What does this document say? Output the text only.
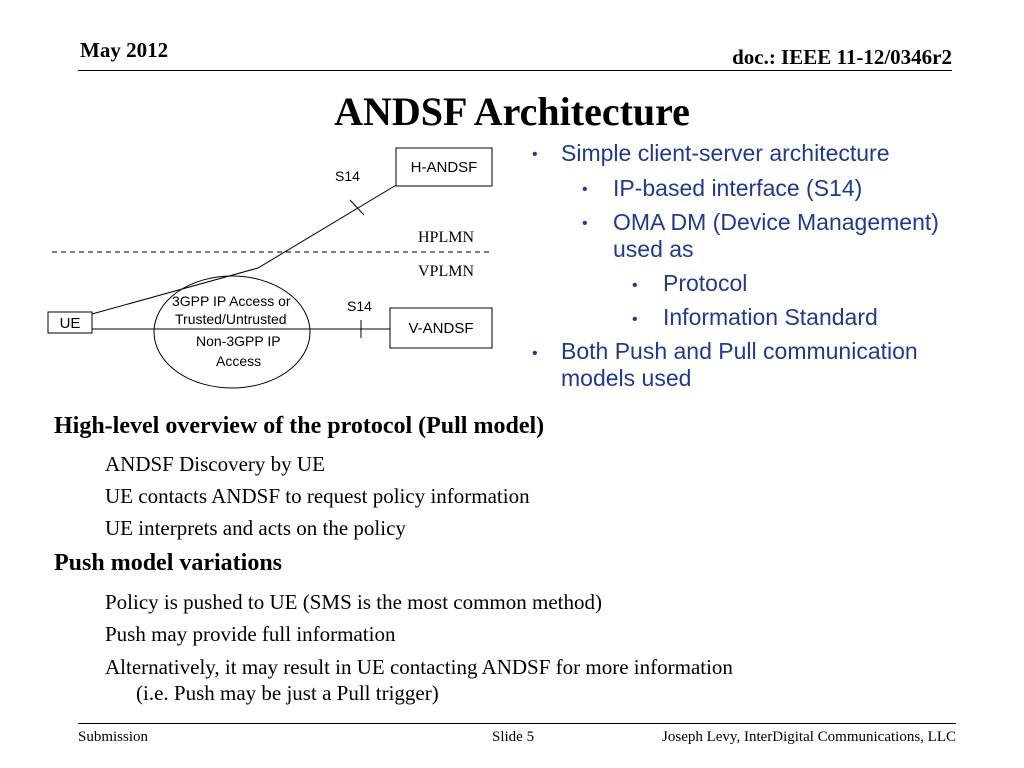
May 2012	doc.: IEEE 11-12/0346r2
ANDSF Architecture
H-ANDSF
V-ANDSF
UE
S14
S14
3GPP IP Access or
Trusted/Untrusted
Non-3GPP IP
Access
HPLMN
VPLMN
• Simple client-server architecture
• IP-based interface (S14)
• OMA DM (Device Management)
used as
• Protocol
• Information Standard
• Both Push and Pull communication
models used
High-level overview of the protocol (Pull model)
ANDSF Discovery by UE
UE contacts ANDSF to request policy information
UE interprets and acts on the policy
Push model variations
Policy is pushed to UE (SMS is the most common method)
Push may provide full information
Alternatively, it may result in UE contacting ANDSF for more information
(i.e. Push may be just a Pull trigger)
Submission	Slide 5	Joseph Levy, InterDigital Communications, LLC
